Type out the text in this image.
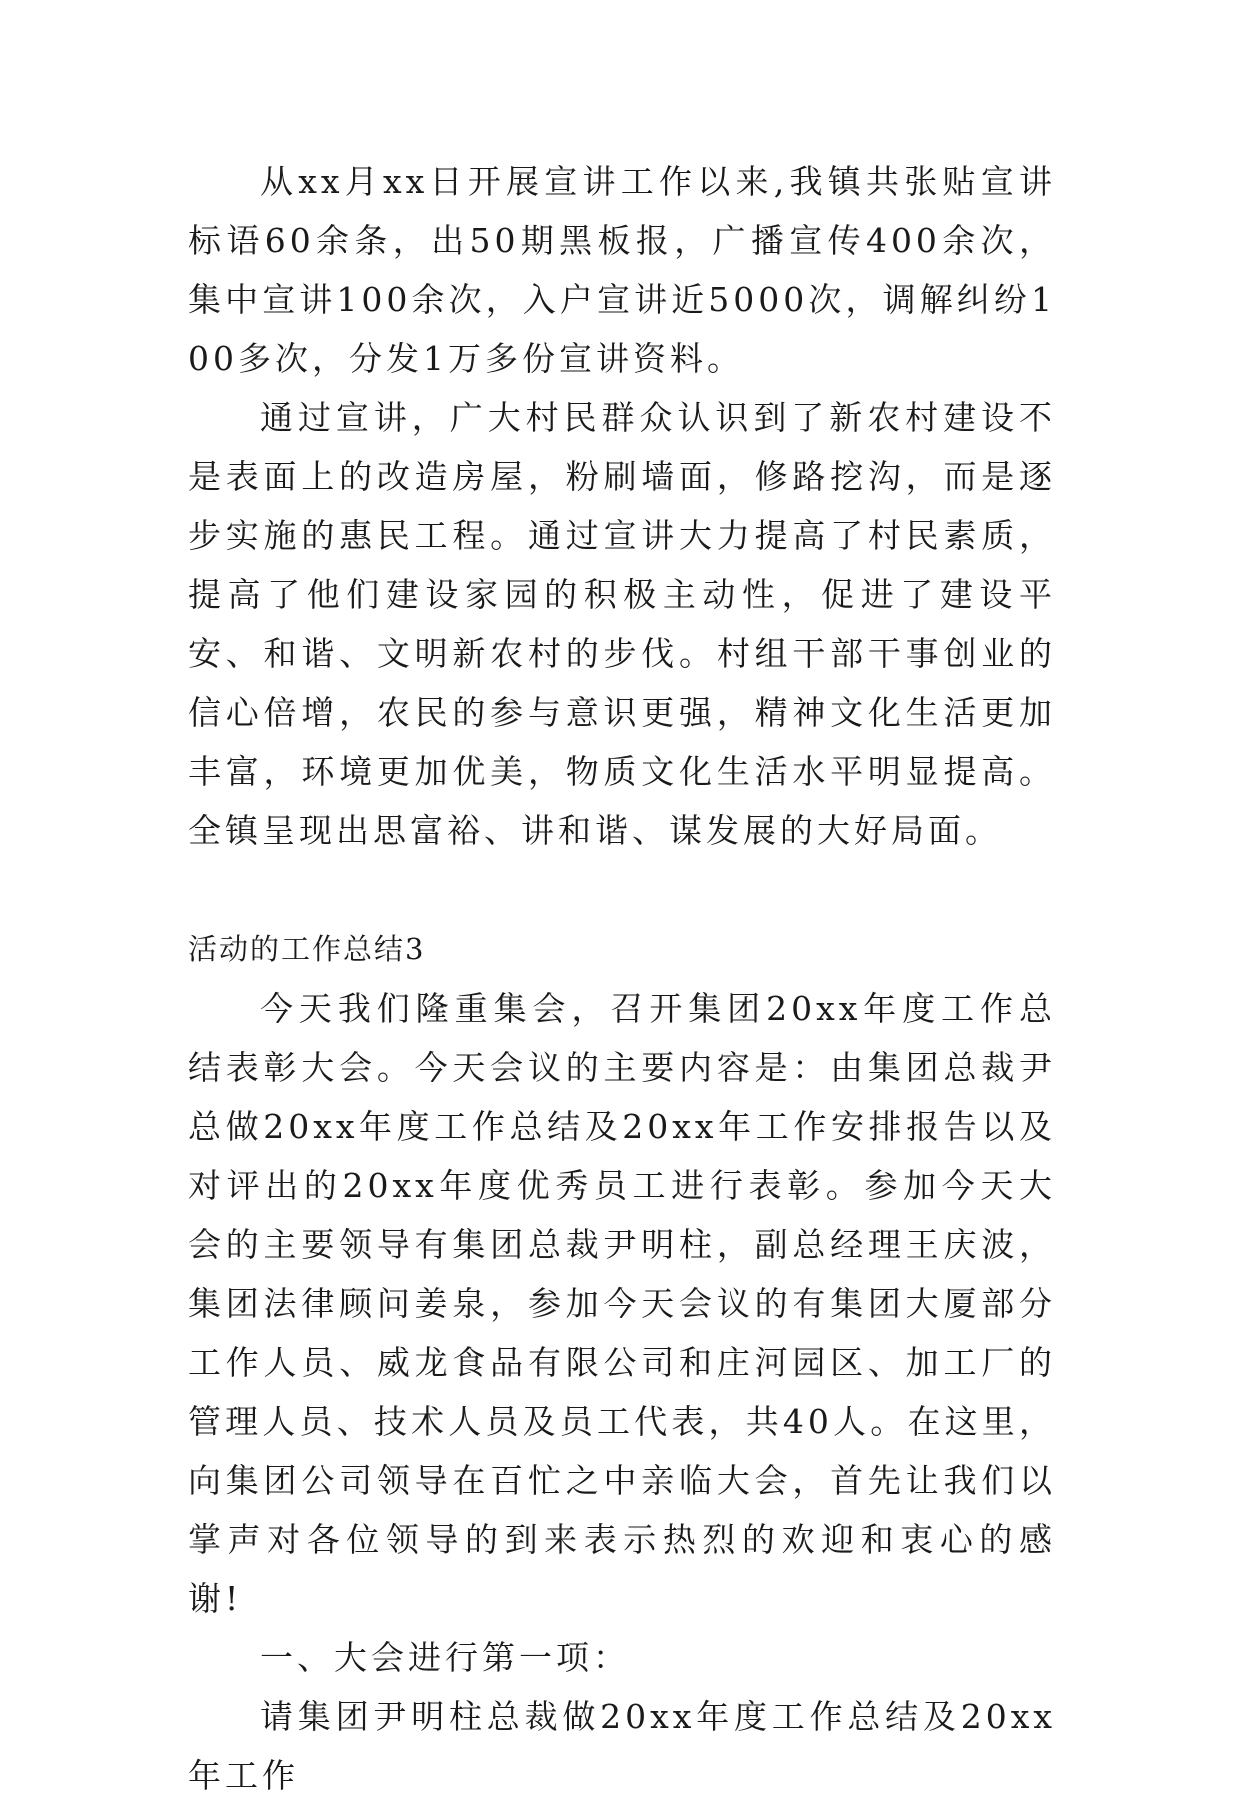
从xx月xx日开展宣讲工作以来,我镇共张贴宣讲标语60余条，出50期黑板报，广播宣传400余次，集中宣讲100余次，入户宣讲近5000次，调解纠纷100多次，分发1万多份宣讲资料。

通过宣讲，广大村民群众认识到了新农村建设不是表面上的改造房屋，粉刷墙面，修路挖沟，而是逐步实施的惠民工程。通过宣讲大力提高了村民素质，提高了他们建设家园的积极主动性，促进了建设平安、和谐、文明新农村的步伐。村组干部干事创业的信心倍增，农民的参与意识更强，精神文化生活更加丰富，环境更加优美，物质文化生活水平明显提高。全镇呈现出思富裕、讲和谐、谋发展的大好局面。

活动的工作总结3

今天我们隆重集会，召开集团20xx年度工作总结表彰大会。今天会议的主要内容是：由集团总裁尹总做20xx年度工作总结及20xx年工作安排报告以及对评出的20xx年度优秀员工进行表彰。参加今天大会的主要领导有集团总裁尹明柱，副总经理王庆波，集团法律顾问姜泉，参加今天会议的有集团大厦部分工作人员、威龙食品有限公司和庄河园区、加工厂的管理人员、技术人员及员工代表，共40人。在这里，向集团公司领导在百忙之中亲临大会，首先让我们以掌声对各位领导的到来表示热烈的欢迎和衷心的感谢!

一、大会进行第一项：

请集团尹明柱总裁做20xx年度工作总结及20xx年工作
